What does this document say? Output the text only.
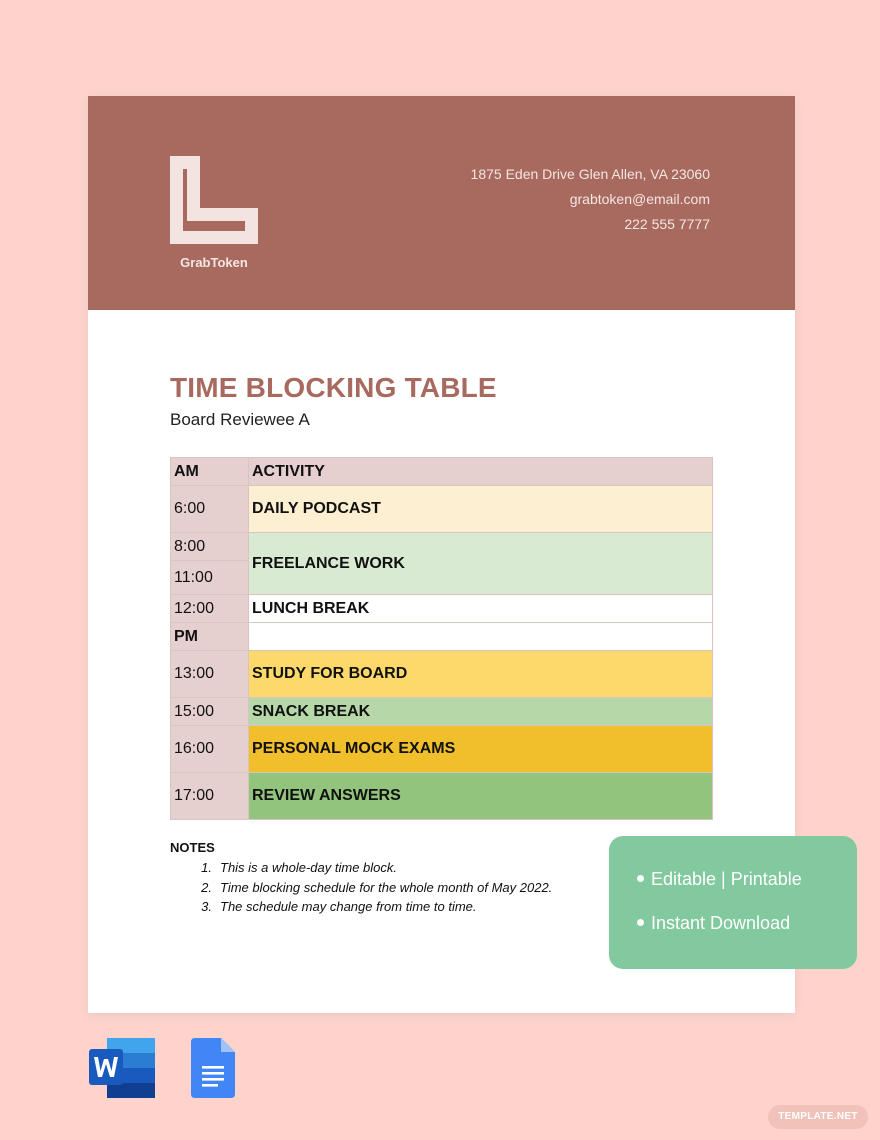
GrabToken
1875 Eden Drive Glen Allen, VA 23060
grabtoken@email.com
222 555 7777
TIME BLOCKING TABLE
Board Reviewee A
AM	ACTIVITY
6:00	DAILY PODCAST
8:00	FREELANCE WORK
11:00	
12:00	LUNCH BREAK
PM	
13:00	STUDY FOR BOARD
15:00	SNACK BREAK
16:00	PERSONAL MOCK EXAMS
17:00	REVIEW ANSWERS
NOTES
1. This is a whole-day time block.
2. Time blocking schedule for the whole month of May 2022.
3. The schedule may change from time to time.
Editable | Printable
Instant Download
TEMPLATE.NET
